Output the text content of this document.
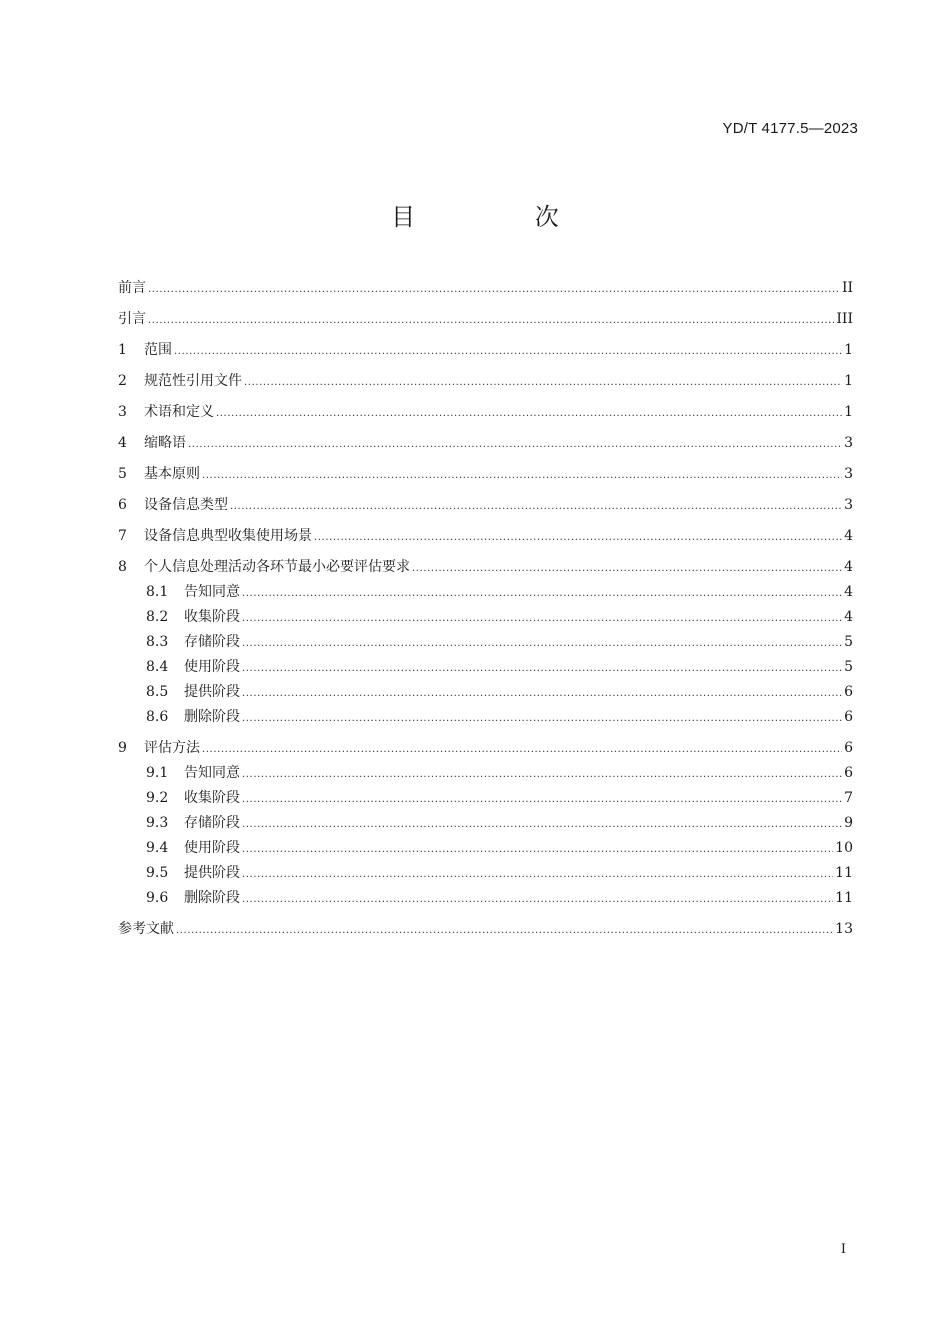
YD/T 4177.5—2023
目 次
前言 .....	II
引言 .....	III
1	范围 .....	1
2	规范性引用文件 .....	1
3	术语和定义 .....	1
4	缩略语 .....	3
5	基本原则 .....	3
6	设备信息类型 .....	3
7	设备信息典型收集使用场景 .....	4
8	个人信息处理活动各环节最小必要评估要求 .....	4
8.1	告知同意 .....	4
8.2	收集阶段 .....	4
8.3	存储阶段 .....	5
8.4	使用阶段 .....	5
8.5	提供阶段 .....	6
8.6	删除阶段 .....	6
9	评估方法 .....	6
9.1	告知同意 .....	6
9.2	收集阶段 .....	7
9.3	存储阶段 .....	9
9.4	使用阶段 .....	10
9.5	提供阶段 .....	11
9.6	删除阶段 .....	11
参考文献 .....	13
I
